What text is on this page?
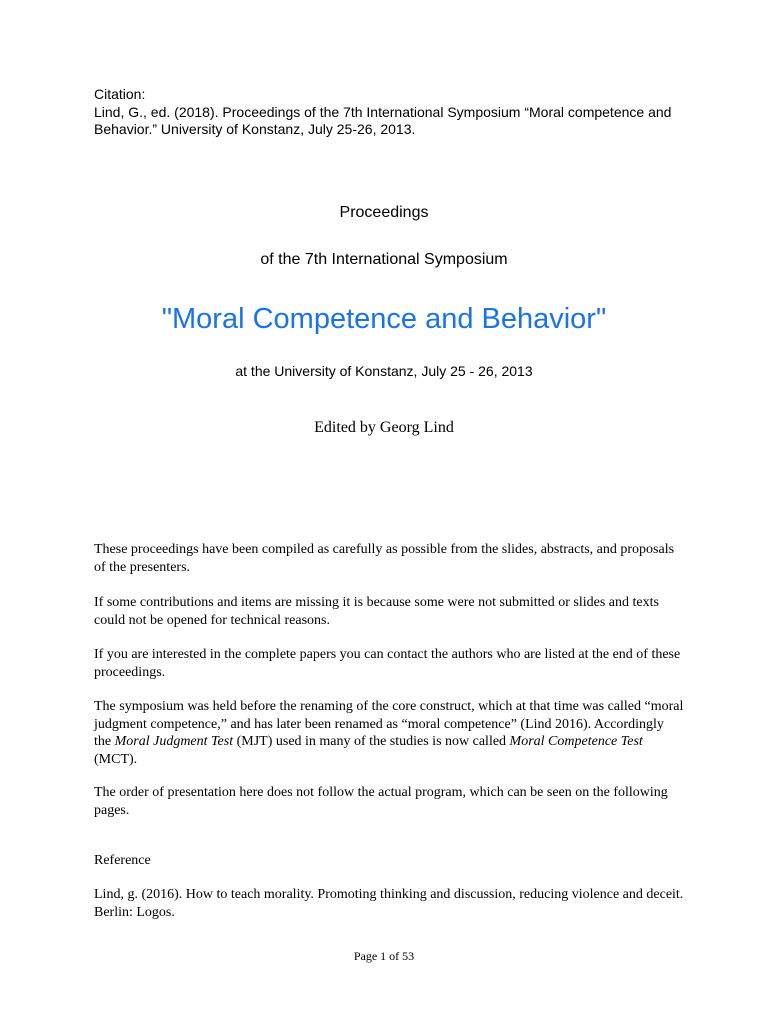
Citation:
Lind, G., ed. (2018). Proceedings of the 7th International Symposium “Moral competence and Behavior.” University of Konstanz, July 25-26, 2013.
Proceedings
of the 7th International Symposium
"Moral Competence and Behavior"
at the University of Konstanz, July 25 - 26, 2013
Edited by Georg Lind
These proceedings have been compiled as carefully as possible from the slides, abstracts, and proposals of the presenters.
If some contributions and items are missing it is because some were not submitted or slides and texts could not be opened for technical reasons.
If you are interested in the complete papers you can contact the authors who are listed at the end of these proceedings.
The symposium was held before the renaming of the core construct, which at that time was called “moral judgment competence,” and has later been renamed as “moral competence” (Lind 2016). Accordingly the Moral Judgment Test (MJT) used in many of the studies is now called Moral Competence Test (MCT).
The order of presentation here does not follow the actual program, which can be seen on the following pages.
Reference
Lind, g. (2016). How to teach morality. Promoting thinking and discussion, reducing violence and deceit. Berlin: Logos.
Page 1 of 53
